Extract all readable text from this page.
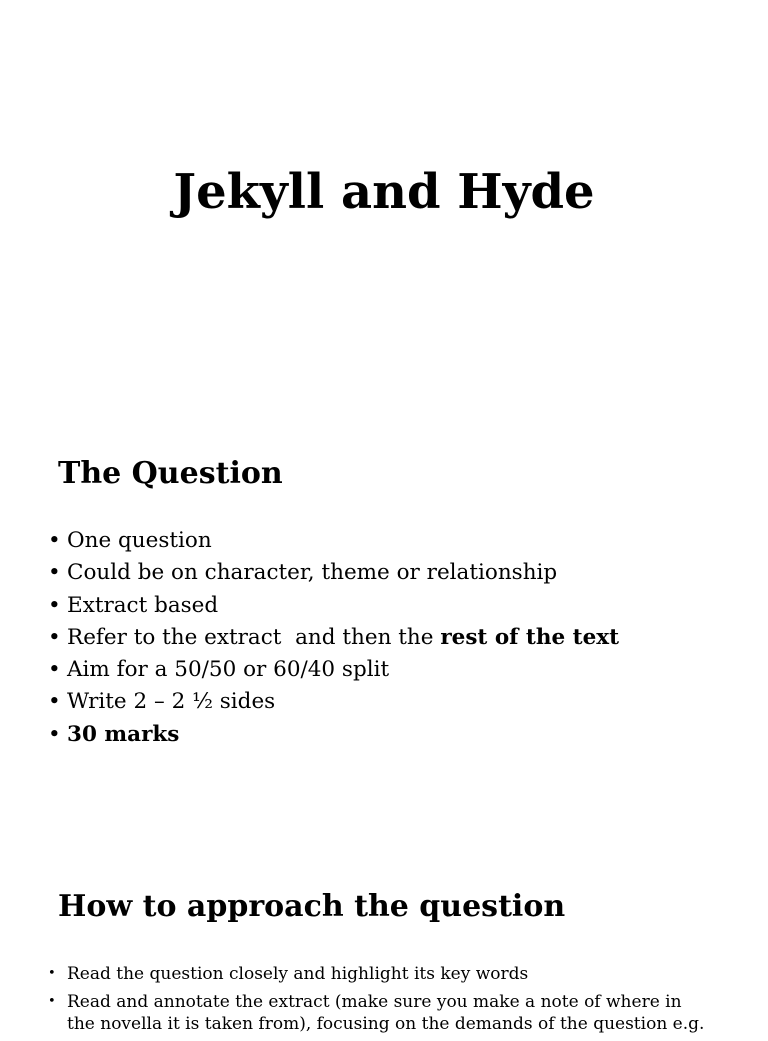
Jekyll and Hyde
The Question
• One question
• Could be on character, theme or relationship
• Extract based
• Refer to the extract  and then the rest of the text
• Aim for a 50/50 or 60/40 split
• Write 2 – 2 ½ sides
• 30 marks
How to approach the question
• Read the question closely and highlight its key words
• Read and annotate the extract (make sure you make a note of where in the novella it is taken from), focusing on the demands of the question e.g.
